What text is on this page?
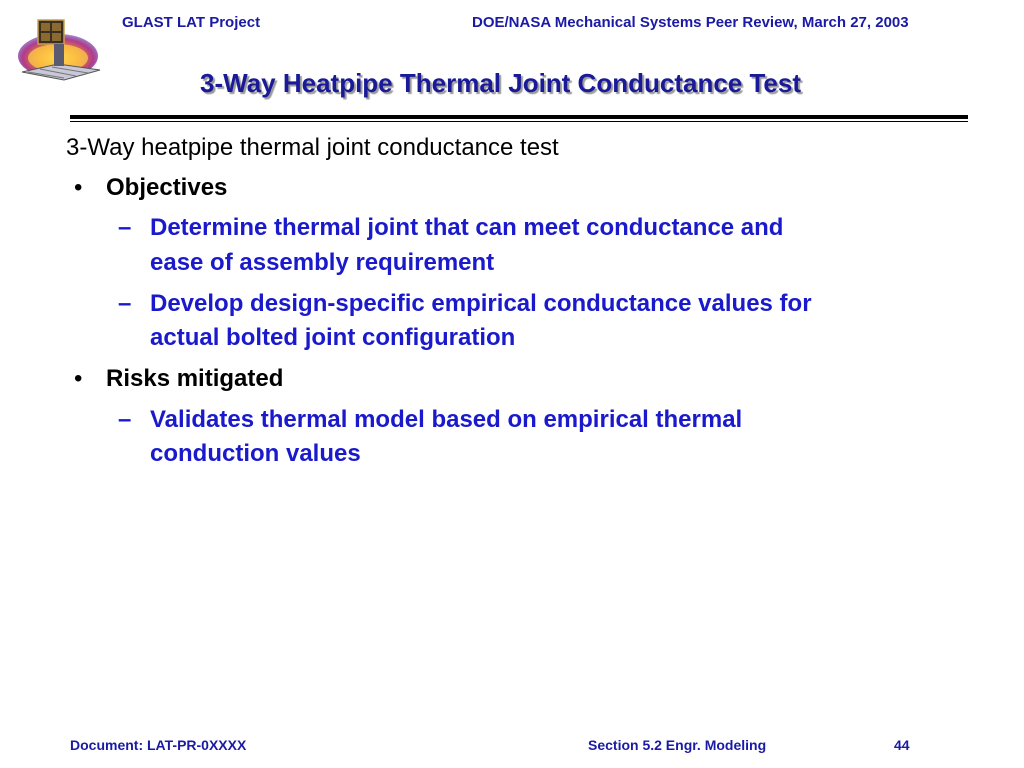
GLAST LAT Project	DOE/NASA Mechanical Systems Peer Review, March 27, 2003
3-Way Heatpipe Thermal Joint Conductance Test
3-Way heatpipe thermal joint conductance test
• Objectives
– Determine thermal joint that can meet conductance and
ease of assembly requirement
– Develop design-specific empirical conductance values for
actual bolted joint configuration
• Risks mitigated
– Validates thermal model based on empirical thermal
conduction values
Document: LAT-PR-0XXXX	Section 5.2 Engr. Modeling	44
